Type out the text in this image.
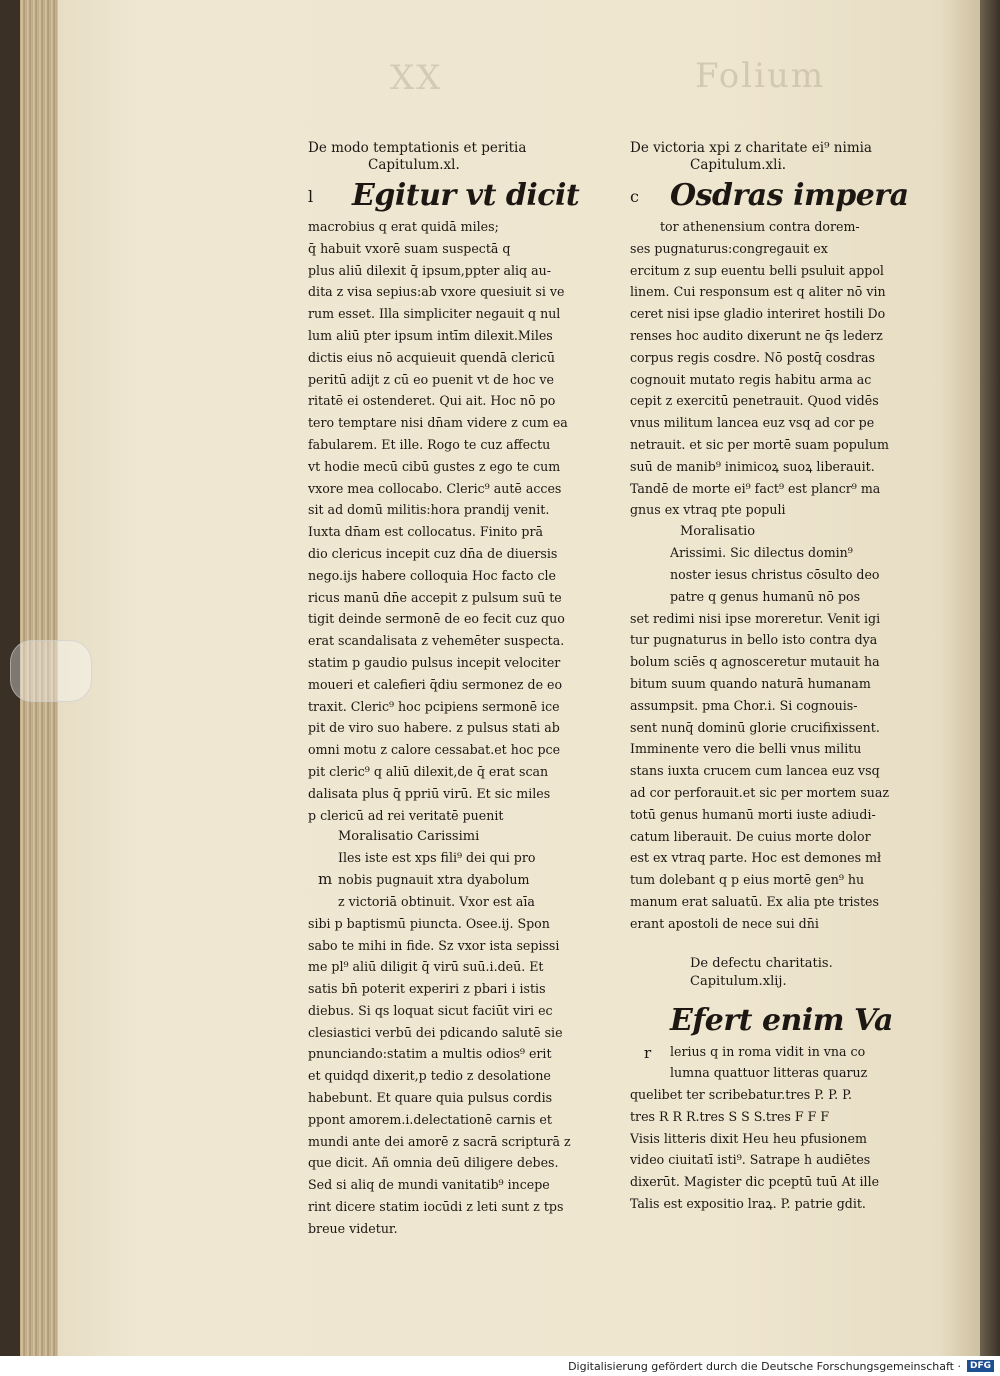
XX	Folium
De modo temptationis et peritia
Capitulum.xl.
l	Egitur vt dicit
macrobius q erat quidā miles;
q̄ habuit vxorē suam suspectā q
plus aliū dilexit q̄ ipsum,ppter aliq au-
dita z visa sepius:ab vxore quesiuit si ve
rum esset. Illa simpliciter negauit q nul
lum aliū pter ipsum intīm dilexit.Miles
dictis eius nō acquieuit quendā clericū
peritū adijt z cū eo puenit vt de hoc ve
ritatē ei ostenderet. Qui ait. Hoc nō po
tero temptare nisi dn̄am videre z cum ea
fabularem. Et ille. Rogo te cuz affectu
vt hodie mecū cibū gustes z ego te cum
vxore mea collocabo. Cleric⁹ autē acces
sit ad domū militis:hora prandij venit.
Iuxta dn̄am est collocatus. Finito prā
dio clericus incepit cuz dn̄a de diuersis
nego.ijs habere colloquia Hoc facto cle
ricus manū dn̄e accepit z pulsum suū te
tigit deinde sermonē de eo fecit cuz quo
erat scandalisata z vehemēter suspecta.
statim p gaudio pulsus incepit velociter
moueri et calefieri q̄diu sermonez de eo
traxit. Cleric⁹ hoc pcipiens sermonē ice
pit de viro suo habere. z pulsus stati ab
omni motu z calore cessabat.et hoc pce
pit cleric⁹ q aliū dilexit,de q̄ erat scan
dalisata plus q̄ ppriū virū. Et sic miles
p clericū ad rei veritatē puenit
Moralisatio Carissimi
m
Iles iste est xps fili⁹ dei qui pro
nobis pugnauit xtra dyabolum
z victoriā obtinuit. Vxor est aīa
sibi p baptismū piuncta. Osee.ij. Spon
sabo te mihi in fide. Sz vxor ista sepissi
me pl⁹ aliū diligit q̄ virū suū.i.deū. Et
satis bn̄ poterit experiri z pbari i istis
diebus. Si qs loquat sicut faciūt viri ec
clesiastici verbū dei pdicando salutē sie
pnunciando:statim a multis odios⁹ erit
et quidqd dixerit,p tedio z desolatione
habebunt. Et quare quia pulsus cordis
ppont amorem.i.delectationē carnis et
mundi ante dei amorē z sacrā scripturā z
que dicit. Añ omnia deū diligere debes.
Sed si aliq de mundi vanitatib⁹ incepe
rint dicere statim iocūdi z leti sunt z tps
breue videtur.
De victoria xpi z charitate ei⁹ nimia
Capitulum.xli.
c	Osdras impera
tor athenensium contra dorem-
ses pugnaturus:congregauit ex
ercitum z sup euentu belli psuluit appol
linem. Cui responsum est q aliter nō vin
ceret nisi ipse gladio interiret hostili Do
renses hoc audito dixerunt ne q̄s lederz
corpus regis cosdre. Nō postq̄ cosdras
cognouit mutato regis habitu arma ac
cepit z exercitū penetrauit. Quod vidēs
vnus militum lancea euz vsq ad cor pe
netrauit. et sic per mortē suam populum
suū de manib⁹ inimicoꝝ suoꝝ liberauit.
Tandē de morte ei⁹ fact⁹ est plancr⁹ ma
gnus ex vtraq pte populi
Moralisatio
Arissimi. Sic dilectus domin⁹
noster iesus christus cōsulto deo
patre q genus humanū nō pos
set redimi nisi ipse moreretur. Venit igi
tur pugnaturus in bello isto contra dya
bolum sciēs q agnosceretur mutauit ha
bitum suum quando naturā humanam
assumpsit. pma Chor.i. Si cognouis-
sent nunq̄ dominū glorie crucifixissent.
Imminente vero die belli vnus militu
stans iuxta crucem cum lancea euz vsq
ad cor perforauit.et sic per mortem suaz
totū genus humanū morti iuste adiudi-
catum liberauit. De cuius morte dolor
est ex vtraq parte. Hoc est demones mł
tum dolebant q p eius mortē gen⁹ hu
manum erat saluatū. Ex alia pte tristes
erant apostoli de nece sui dn̄i
De defectu charitatis.
Capitulum.xlij.
Efert enim Va
r	lerius q in roma vidit in vna co
lumna quattuor litteras quaruz
quelibet ter scribebatur.tres P. P. P.
tres R R R.tres S S S.tres F F F
Visis litteris dixit Heu heu pfusionem
video ciuitatī isti⁹. Satrape h audiētes
dixerūt. Magister dic pceptū tuū At ille
Talis est expositio lraꝝ. P. patrie gdit.
Digitalisierung gefördert durch die Deutsche Forschungsgemeinschaft ·	DFG
